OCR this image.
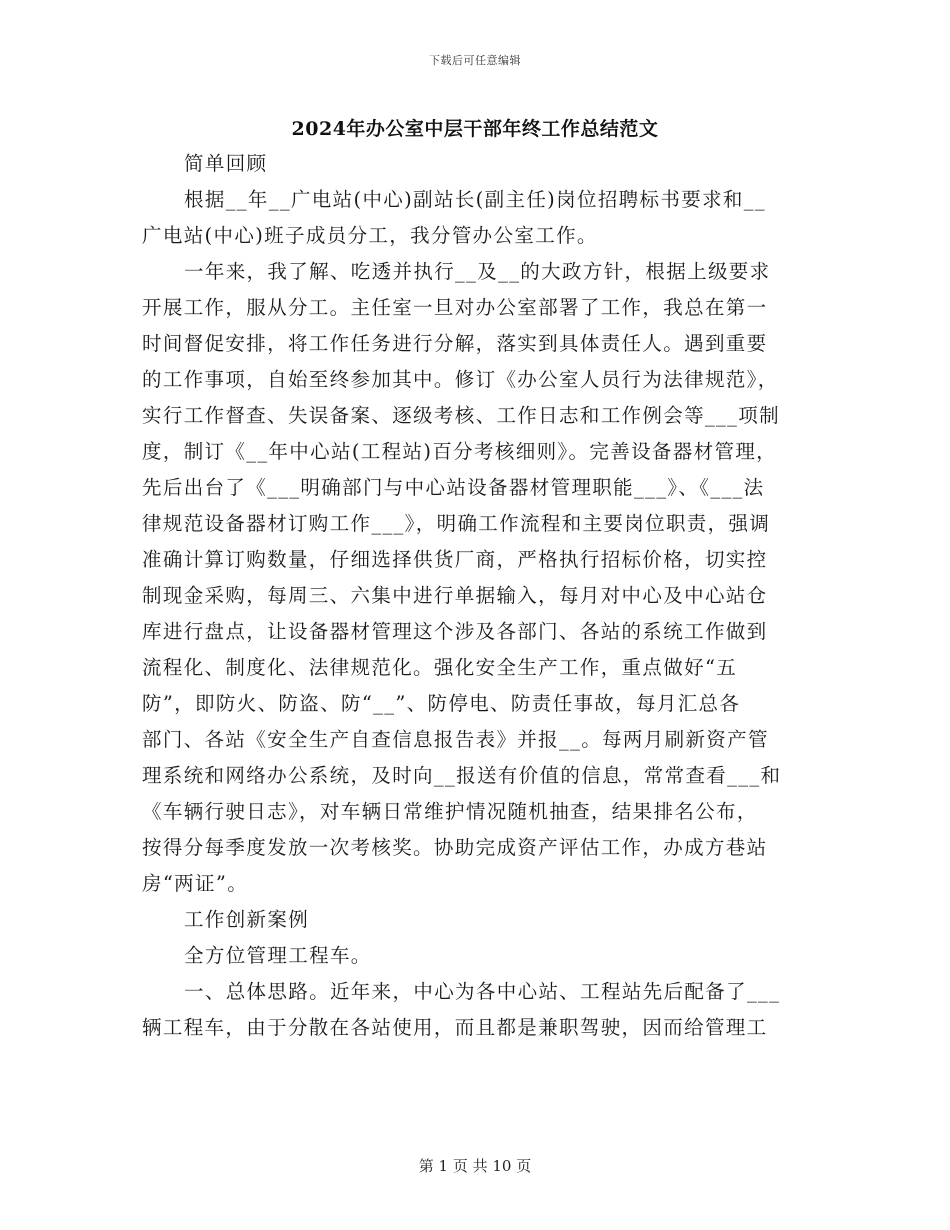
下载后可任意编辑
2024年办公室中层干部年终工作总结范文
简单回顾
根据__年__广电站(中心)副站长(副主任)岗位招聘标书要求和__
广电站(中心)班子成员分工，我分管办公室工作。
一年来，我了解、吃透并执行__及__的大政方针，根据上级要求
开展工作，服从分工。主任室一旦对办公室部署了工作，我总在第一
时间督促安排，将工作任务进行分解，落实到具体责任人。遇到重要
的工作事项，自始至终参加其中。修订《办公室人员行为法律规范》，
实行工作督查、失误备案、逐级考核、工作日志和工作例会等___项制
度，制订《__年中心站(工程站)百分考核细则》。完善设备器材管理，
先后出台了《___明确部门与中心站设备器材管理职能___》、《___法
律规范设备器材订购工作___》，明确工作流程和主要岗位职责，强调
准确计算订购数量，仔细选择供货厂商，严格执行招标价格，切实控
制现金采购，每周三、六集中进行单据输入，每月对中心及中心站仓
库进行盘点，让设备器材管理这个涉及各部门、各站的系统工作做到
流程化、制度化、法律规范化。强化安全生产工作，重点做好“五
防”，即防火、防盗、防“__”、防停电、防责任事故，每月汇总各
部门、各站《安全生产自查信息报告表》并报__。每两月刷新资产管
理系统和网络办公系统，及时向__报送有价值的信息，常常查看___和
《车辆行驶日志》，对车辆日常维护情况随机抽查，结果排名公布，
按得分每季度发放一次考核奖。协助完成资产评估工作，办成方巷站
房“两证”。
工作创新案例
全方位管理工程车。
一、总体思路。近年来，中心为各中心站、工程站先后配备了___
辆工程车，由于分散在各站使用，而且都是兼职驾驶，因而给管理工
第 1 页 共 10 页
